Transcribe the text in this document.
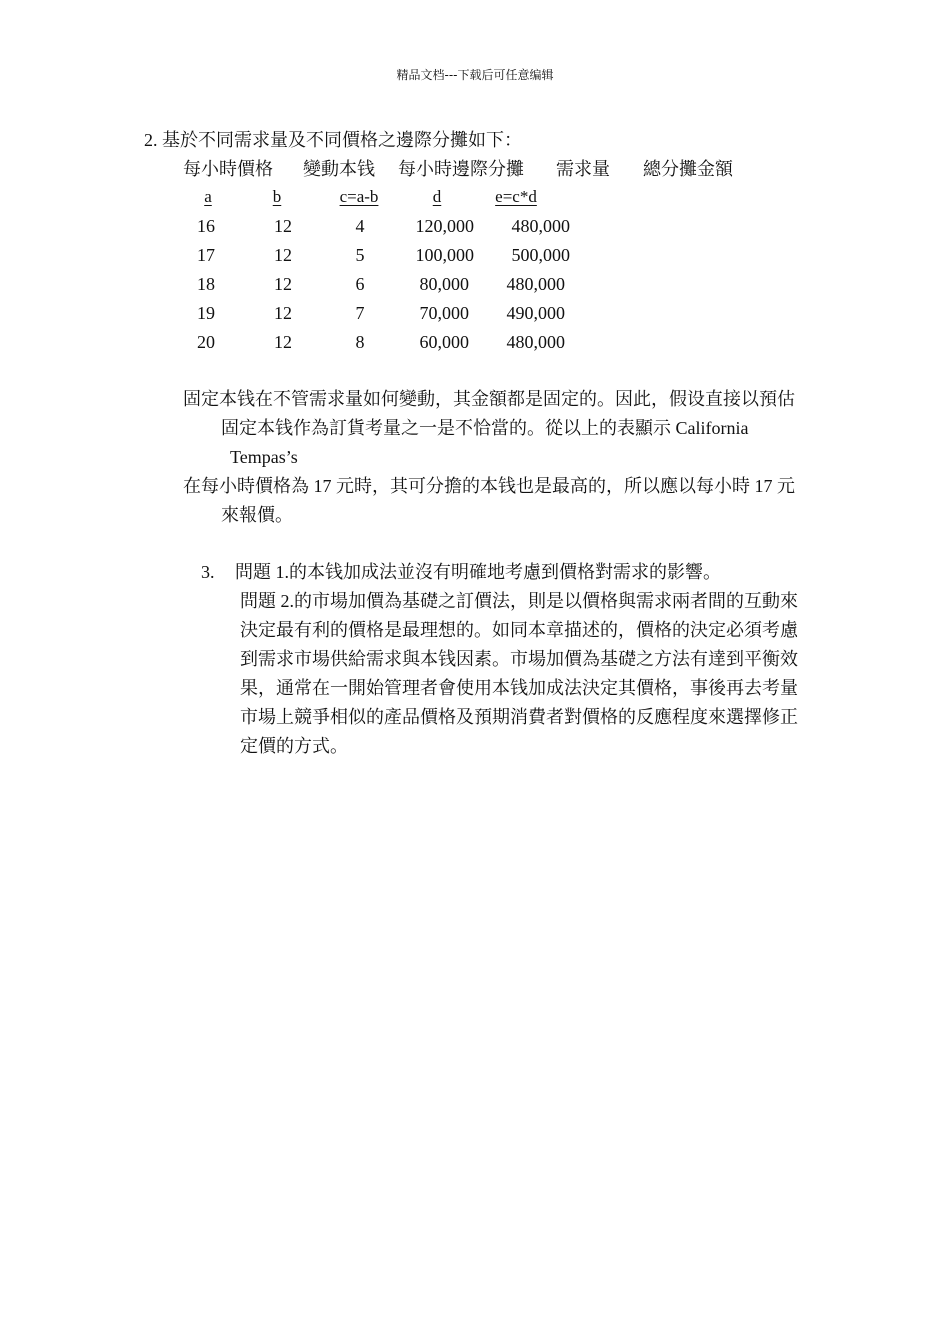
精品文档---下载后可任意编辑
2. 基於不同需求量及不同價格之邊際分攤如下：
每小時價格 變動本钱 每小時邊際分攤 需求量 總分攤金額
a	b	c=a-b	d	e=c*d
16	12	4	120,000	480,000
17	12	5	100,000	500,000
18	12	6	80,000	480,000
19	12	7	70,000	490,000
20	12	8	60,000	480,000
固定本钱在不管需求量如何變動，其金額都是固定的。因此，假设直接以預估
固定本钱作為訂貨考量之一是不恰當的。從以上的表顯示 California
Tempas’s
在每小時價格為 17 元時，其可分擔的本钱也是最高的，所以應以每小時 17 元
來報價。
3. 問題 1.的本钱加成法並沒有明確地考慮到價格對需求的影響。
問題 2.的市場加價為基礎之訂價法，則是以價格與需求兩者間的互動來
決定最有利的價格是最理想的。如同本章描述的，價格的決定必須考慮
到需求市場供給需求與本钱因素。市場加價為基礎之方法有達到平衡效
果，通常在一開始管理者會使用本钱加成法決定其價格，事後再去考量
市場上競爭相似的產品價格及預期消費者對價格的反應程度來選擇修正
定價的方式。
